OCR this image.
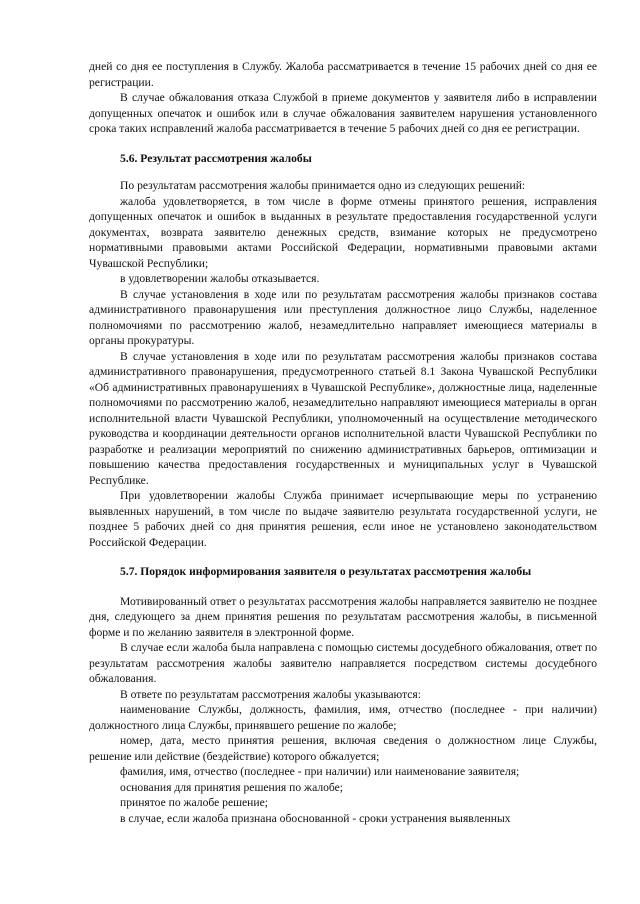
дней со дня ее поступления в Службу. Жалоба рассматривается в течение 15 рабочих дней со дня ее регистрации.

В случае обжалования отказа Службой в приеме документов у заявителя либо в исправлении допущенных опечаток и ошибок или в случае обжалования заявителем нарушения установленного срока таких исправлений жалоба рассматривается в течение 5 рабочих дней со дня ее регистрации.

5.6. Результат рассмотрения жалобы

По результатам рассмотрения жалобы принимается одно из следующих решений:

жалоба удовлетворяется, в том числе в форме отмены принятого решения, исправления допущенных опечаток и ошибок в выданных в результате предоставления государственной услуги документах, возврата заявителю денежных средств, взимание которых не предусмотрено нормативными правовыми актами Российской Федерации, нормативными правовыми актами Чувашской Республики;

в удовлетворении жалобы отказывается.

В случае установления в ходе или по результатам рассмотрения жалобы признаков состава административного правонарушения или преступления должностное лицо Службы, наделенное полномочиями по рассмотрению жалоб, незамедлительно направляет имеющиеся материалы в органы прокуратуры.

В случае установления в ходе или по результатам рассмотрения жалобы признаков состава административного правонарушения, предусмотренного статьей 8.1 Закона Чувашской Республики «Об административных правонарушениях в Чувашской Республике», должностные лица, наделенные полномочиями по рассмотрению жалоб, незамедлительно направляют имеющиеся материалы в орган исполнительной власти Чувашской Республики, уполномоченный на осуществление методического руководства и координации деятельности органов исполнительной власти Чувашской Республики по разработке и реализации мероприятий по снижению административных барьеров, оптимизации и повышению качества предоставления государственных и муниципальных услуг в Чувашской Республике.

При удовлетворении жалобы Служба принимает исчерпывающие меры по устранению выявленных нарушений, в том числе по выдаче заявителю результата государственной услуги, не позднее 5 рабочих дней со дня принятия решения, если иное не установлено законодательством Российской Федерации.

5.7. Порядок информирования заявителя о результатах рассмотрения жалобы

Мотивированный ответ о результатах рассмотрения жалобы направляется заявителю не позднее дня, следующего за днем принятия решения по результатам рассмотрения жалобы, в письменной форме и по желанию заявителя в электронной форме.

В случае если жалоба была направлена с помощью системы досудебного обжалования, ответ по результатам рассмотрения жалобы заявителю направляется посредством системы досудебного обжалования.

В ответе по результатам рассмотрения жалобы указываются:

наименование Службы, должность, фамилия, имя, отчество (последнее - при наличии) должностного лица Службы, принявшего решение по жалобе;

номер, дата, место принятия решения, включая сведения о должностном лице Службы, решение или действие (бездействие) которого обжалуется;

фамилия, имя, отчество (последнее - при наличии) или наименование заявителя;

основания для принятия решения по жалобе;

принятое по жалобе решение;

в случае, если жалоба признана обоснованной - сроки устранения выявленных
